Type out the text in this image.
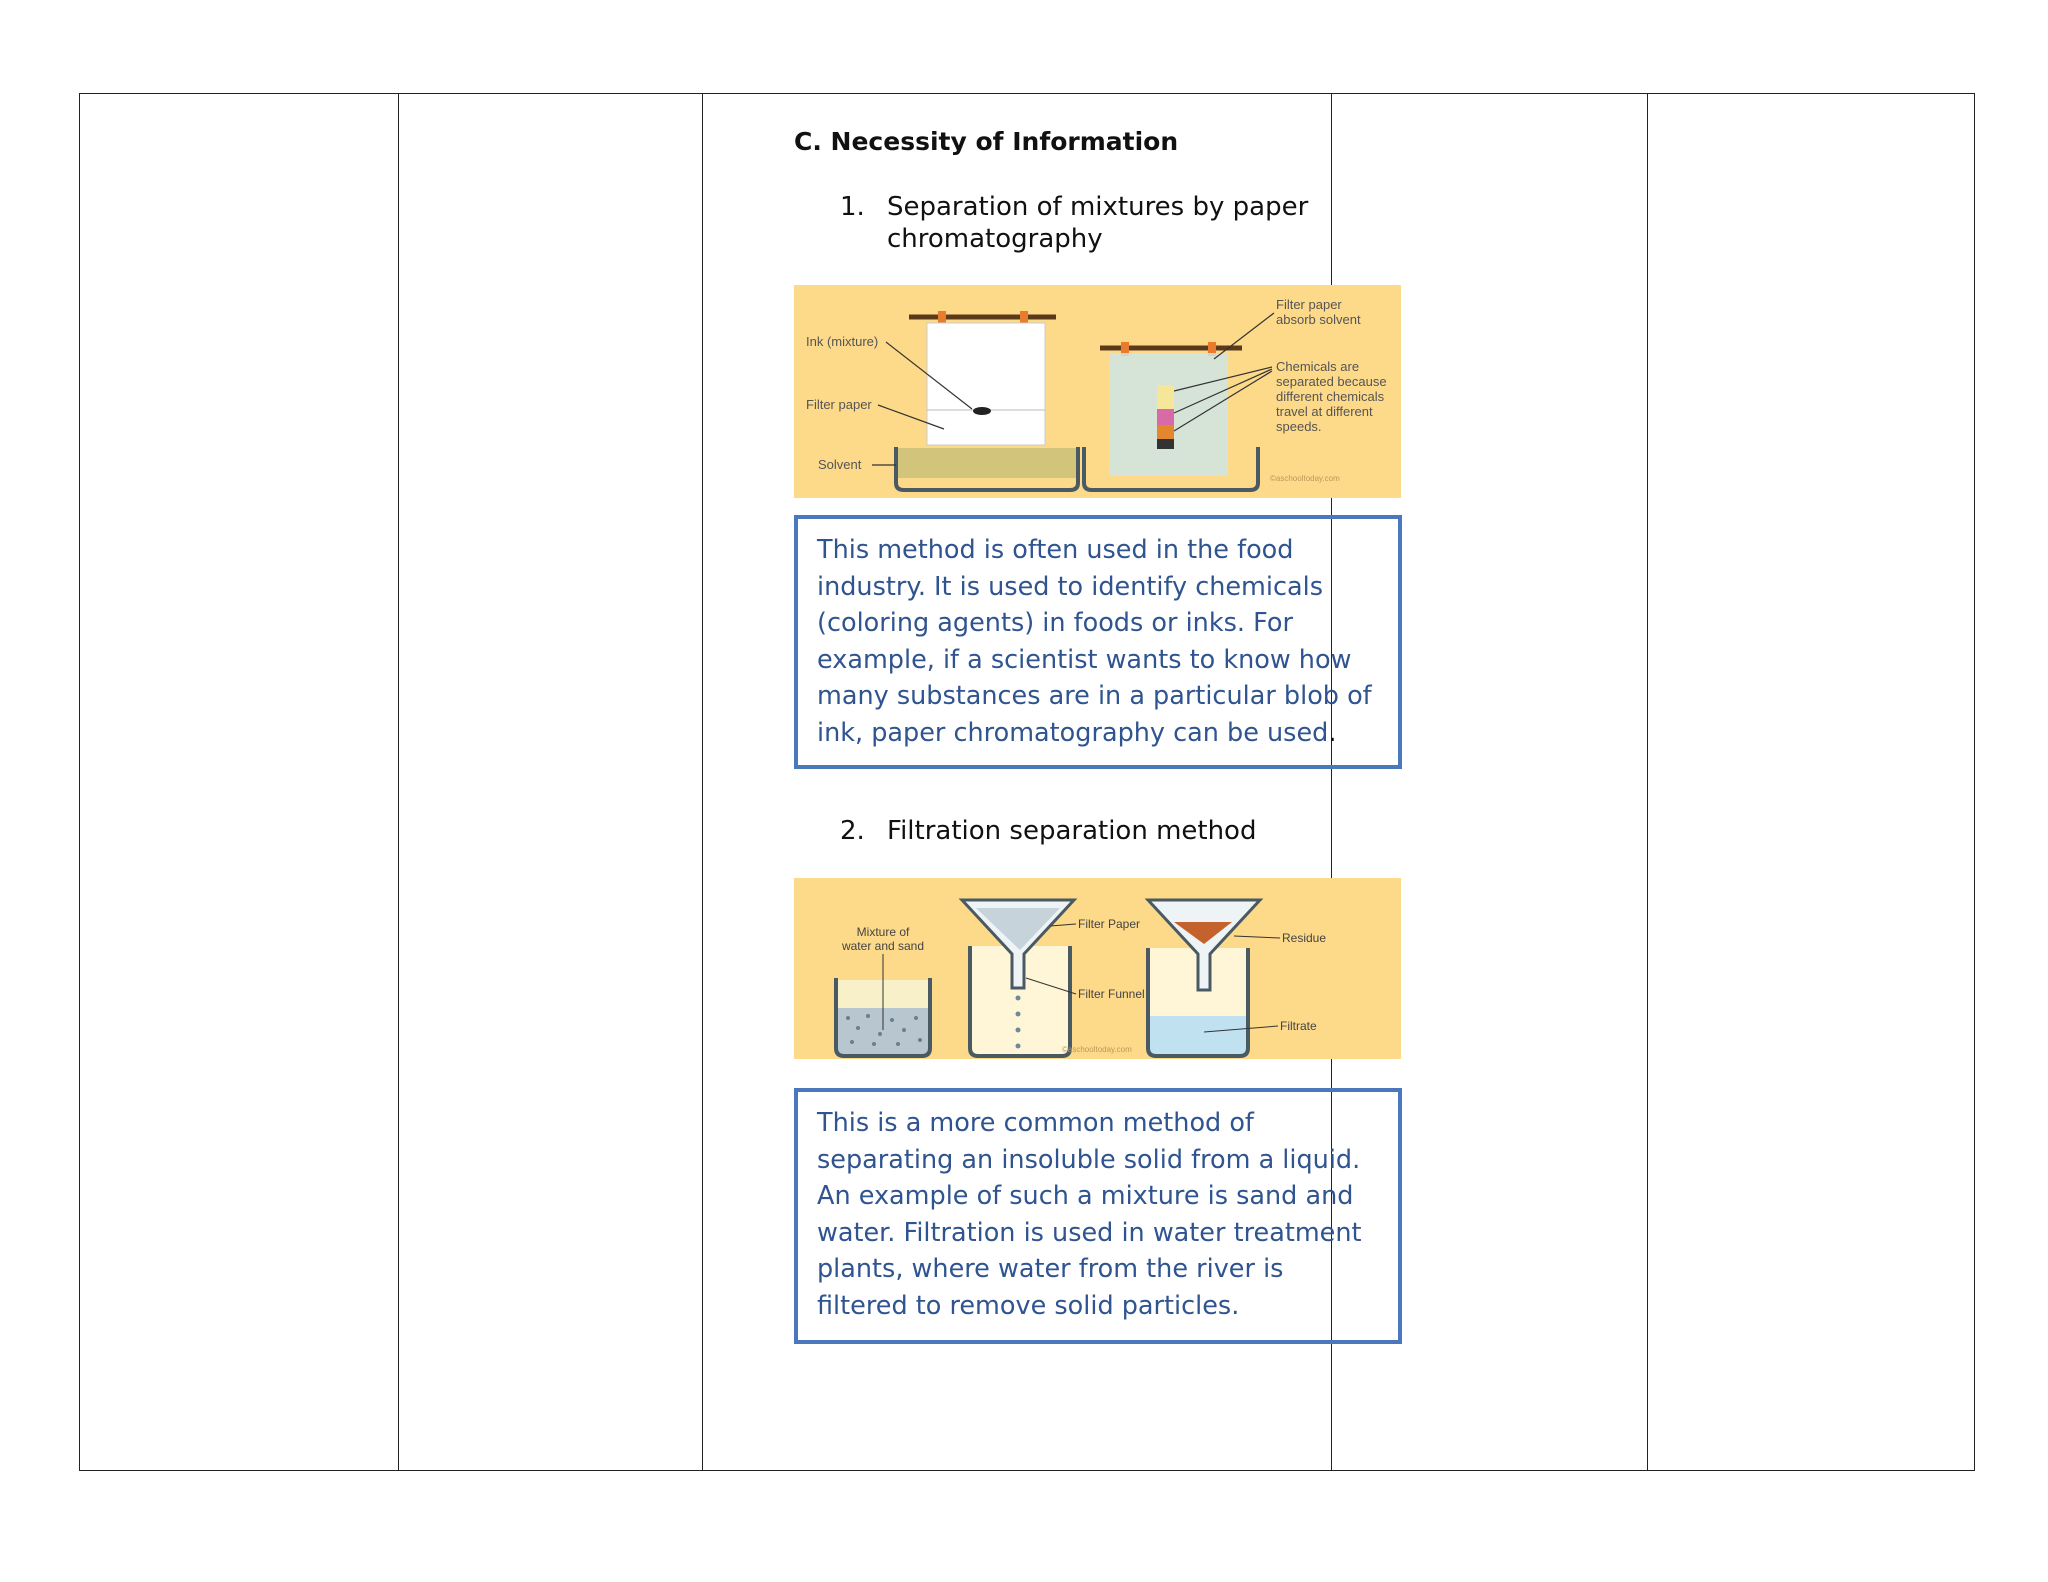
C. Necessity of Information
1. Separation of mixtures by paper chromatography
Ink (mixture)
Filter paper
Solvent
Filter paper
absorb solvent
Chemicals are
separated because
different chemicals
travel at different
speeds.
©aschooltoday.com
This method is often used in the food industry. It is used to identify chemicals (coloring agents) in foods or inks. For example, if a scientist wants to know how many substances are in a particular blob of ink, paper chromatography can be used.
2. Filtration separation method
Mixture of
water and sand
Filter Paper
Filter Funnel
©aschooltoday.com
Residue
Filtrate
This is a more common method of separating an insoluble solid from a liquid. An example of such a mixture is sand and water. Filtration is used in water treatment plants, where water from the river is filtered to remove solid particles.
